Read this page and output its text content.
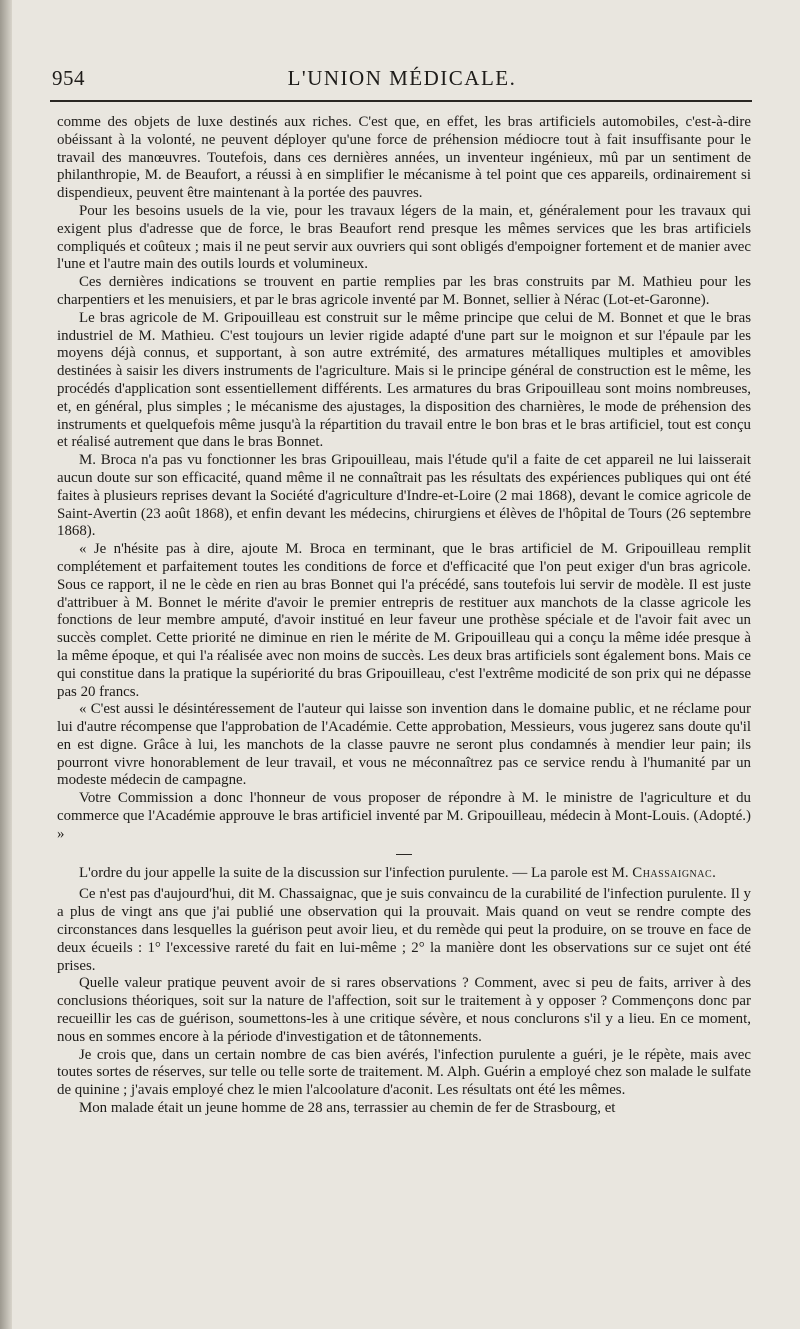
954	L'UNION MÉDICALE.

comme des objets de luxe destinés aux riches. C'est que, en effet, les bras artificiels automobiles, c'est-à-dire obéissant à la volonté, ne peuvent déployer qu'une force de préhension médiocre tout à fait insuffisante pour le travail des manœuvres. Toutefois, dans ces dernières années, un inventeur ingénieux, mû par un sentiment de philanthropie, M. de Beaufort, a réussi à en simplifier le mécanisme à tel point que ces appareils, ordinairement si dispendieux, peuvent être maintenant à la portée des pauvres.

Pour les besoins usuels de la vie, pour les travaux légers de la main, et, généralement pour les travaux qui exigent plus d'adresse que de force, le bras Beaufort rend presque les mêmes services que les bras artificiels compliqués et coûteux ; mais il ne peut servir aux ouvriers qui sont obligés d'empoigner fortement et de manier avec l'une et l'autre main des outils lourds et volumineux.

Ces dernières indications se trouvent en partie remplies par les bras construits par M. Mathieu pour les charpentiers et les menuisiers, et par le bras agricole inventé par M. Bonnet, sellier à Nérac (Lot-et-Garonne).

Le bras agricole de M. Gripouilleau est construit sur le même principe que celui de M. Bonnet et que le bras industriel de M. Mathieu. C'est toujours un levier rigide adapté d'une part sur le moignon et sur l'épaule par les moyens déjà connus, et supportant, à son autre extrémité, des armatures métalliques multiples et amovibles destinées à saisir les divers instruments de l'agriculture. Mais si le principe général de construction est le même, les procédés d'application sont essentiellement différents. Les armatures du bras Gripouilleau sont moins nombreuses, et, en général, plus simples ; le mécanisme des ajustages, la disposition des charnières, le mode de préhension des instruments et quelquefois même jusqu'à la répartition du travail entre le bon bras et le bras artificiel, tout est conçu et réalisé autrement que dans le bras Bonnet.

M. Broca n'a pas vu fonctionner les bras Gripouilleau, mais l'étude qu'il a faite de cet appareil ne lui laisserait aucun doute sur son efficacité, quand même il ne connaîtrait pas les résultats des expériences publiques qui ont été faites à plusieurs reprises devant la Société d'agriculture d'Indre-et-Loire (2 mai 1868), devant le comice agricole de Saint-Avertin (23 août 1868), et enfin devant les médecins, chirurgiens et élèves de l'hôpital de Tours (26 septembre 1868).

« Je n'hésite pas à dire, ajoute M. Broca en terminant, que le bras artificiel de M. Gripouilleau remplit complétement et parfaitement toutes les conditions de force et d'efficacité que l'on peut exiger d'un bras agricole. Sous ce rapport, il ne le cède en rien au bras Bonnet qui l'a précédé, sans toutefois lui servir de modèle. Il est juste d'attribuer à M. Bonnet le mérite d'avoir le premier entrepris de restituer aux manchots de la classe agricole les fonctions de leur membre amputé, d'avoir institué en leur faveur une prothèse spéciale et de l'avoir fait avec un succès complet. Cette priorité ne diminue en rien le mérite de M. Gripouilleau qui a conçu la même idée presque à la même époque, et qui l'a réalisée avec non moins de succès. Les deux bras artificiels sont également bons. Mais ce qui constitue dans la pratique la supériorité du bras Gripouilleau, c'est l'extrême modicité de son prix qui ne dépasse pas 20 francs.

« C'est aussi le désintéressement de l'auteur qui laisse son invention dans le domaine public, et ne réclame pour lui d'autre récompense que l'approbation de l'Académie. Cette approbation, Messieurs, vous jugerez sans doute qu'il en est digne. Grâce à lui, les manchots de la classe pauvre ne seront plus condamnés à mendier leur pain; ils pourront vivre honorablement de leur travail, et vous ne méconnaîtrez pas ce service rendu à l'humanité par un modeste médecin de campagne.

Votre Commission a donc l'honneur de vous proposer de répondre à M. le ministre de l'agriculture et du commerce que l'Académie approuve le bras artificiel inventé par M. Gripouilleau, médecin à Mont-Louis. (Adopté.) »

L'ordre du jour appelle la suite de la discussion sur l'infection purulente. — La parole est M. Chassaignac.

Ce n'est pas d'aujourd'hui, dit M. Chassaignac, que je suis convaincu de la curabilité de l'infection purulente. Il y a plus de vingt ans que j'ai publié une observation qui la prouvait. Mais quand on veut se rendre compte des circonstances dans lesquelles la guérison peut avoir lieu, et du remède qui peut la produire, on se trouve en face de deux écueils : 1° l'excessive rareté du fait en lui-même ; 2° la manière dont les observations sur ce sujet ont été prises.

Quelle valeur pratique peuvent avoir de si rares observations ? Comment, avec si peu de faits, arriver à des conclusions théoriques, soit sur la nature de l'affection, soit sur le traitement à y opposer ? Commençons donc par recueillir les cas de guérison, soumettons-les à une critique sévère, et nous conclurons s'il y a lieu. En ce moment, nous en sommes encore à la période d'investigation et de tâtonnements.

Je crois que, dans un certain nombre de cas bien avérés, l'infection purulente a guéri, je le répète, mais avec toutes sortes de réserves, sur telle ou telle sorte de traitement. M. Alph. Guérin a employé chez son malade le sulfate de quinine ; j'avais employé chez le mien l'alcoolature d'aconit. Les résultats ont été les mêmes.

Mon malade était un jeune homme de 28 ans, terrassier au chemin de fer de Strasbourg, et
